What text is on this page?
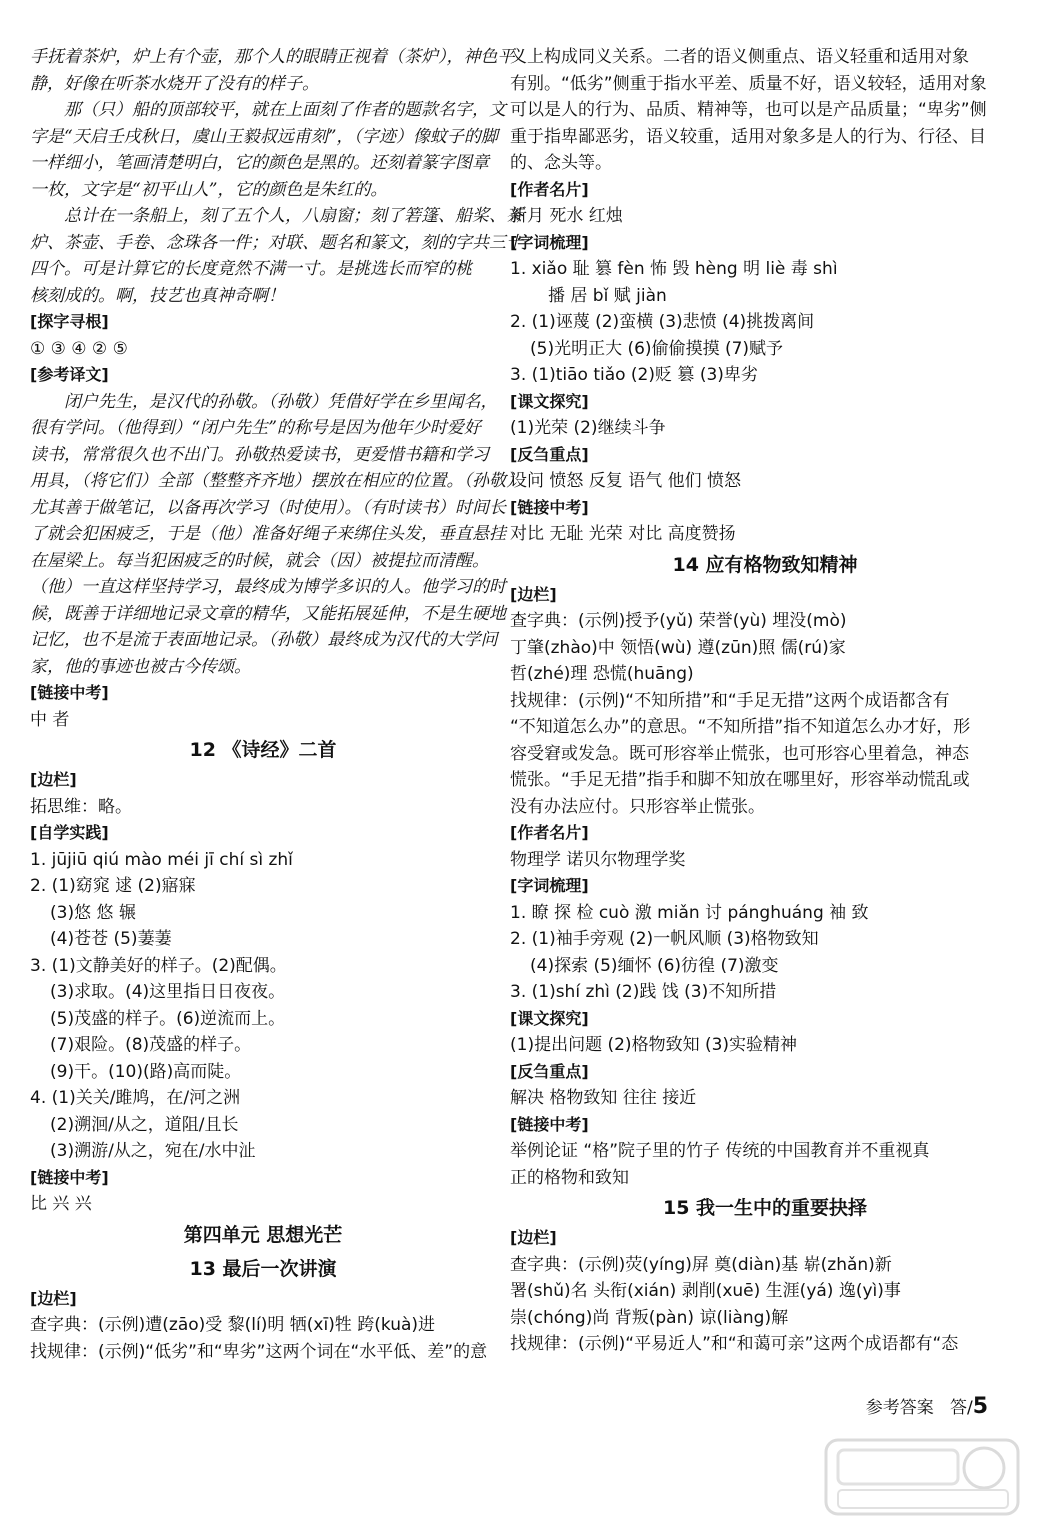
手抚着茶炉，炉上有个壶，那个人的眼睛正视着（茶炉），神色平
静，好像在听茶水烧开了没有的样子。
那（只）船的顶部较平，就在上面刻了作者的题款名字，文
字是“天启壬戌秋日，虞山王毅叔远甫刻”，（字迹）像蚊子的脚
一样细小，笔画清楚明白，它的颜色是黑的。还刻着篆字图章
一枚，文字是“初平山人”，它的颜色是朱红的。
总计在一条船上，刻了五个人，八扇窗；刻了箬篷、船桨、茶
炉、茶壶、手卷、念珠各一件；对联、题名和篆文，刻的字共三十
四个。可是计算它的长度竟然不满一寸。是挑选长而窄的桃
核刻成的。啊，技艺也真神奇啊！
[探字寻根]
① ③ ④ ② ⑤
[参考译文]
闭户先生，是汉代的孙敬。（孙敬）凭借好学在乡里闻名，
很有学问。（他得到）“闭户先生”的称号是因为他年少时爱好
读书，常常很久也不出门。孙敬热爱读书，更爱惜书籍和学习
用具，（将它们）全部（整整齐齐地）摆放在相应的位置。（孙敬）
尤其善于做笔记，以备再次学习（时使用）。（有时读书）时间长
了就会犯困疲乏，于是（他）准备好绳子来绑住头发，垂直悬挂
在屋梁上。每当犯困疲乏的时候，就会（因）被提拉而清醒。
（他）一直这样坚持学习，最终成为博学多识的人。他学习的时
候，既善于详细地记录文章的精华，又能拓展延伸，不是生硬地
记忆，也不是流于表面地记录。（孙敬）最终成为汉代的大学问
家，他的事迹也被古今传颂。
[链接中考]
中 者
12 《诗经》二首
[边栏]
拓思维：略。
[自学实践]
1. jūjiū qiú mào méi jī chí sì zhǐ
2. (1)窈窕 逑 (2)寤寐
(3)悠 悠 辗
(4)苍苍 (5)萋萋
3. (1)文静美好的样子。(2)配偶。
(3)求取。(4)这里指日日夜夜。
(5)茂盛的样子。(6)逆流而上。
(7)艰险。(8)茂盛的样子。
(9)干。(10)(路)高而陡。
4. (1)关关/雎鸠，在/河之洲
(2)溯洄/从之，道阻/且长
(3)溯游/从之，宛在/水中沚
[链接中考]
比 兴 兴
第四单元 思想光芒
13 最后一次讲演
[边栏]
查字典：(示例)遭(zāo)受 黎(lí)明 牺(xī)牲 跨(kuà)进
找规律：(示例)“低劣”和“卑劣”这两个词在“水平低、差”的意
义上构成同义关系。二者的语义侧重点、语义轻重和适用对象
有别。“低劣”侧重于指水平差、质量不好，语义较轻，适用对象
可以是人的行为、品质、精神等，也可以是产品质量；“卑劣”侧
重于指卑鄙恶劣，语义较重，适用对象多是人的行为、行径、目
的、念头等。
[作者名片]
新月 死水 红烛
[字词梳理]
1. xiǎo 耻 篡 fèn 怖 毁 hèng 明 liè 毒 shì
播 居 bǐ 赋 jiàn
2. (1)诬蔑 (2)蛮横 (3)悲愤 (4)挑拨离间
(5)光明正大 (6)偷偷摸摸 (7)赋予
3. (1)tiāo tiǎo (2)贬 篡 (3)卑劣
[课文探究]
(1)光荣 (2)继续斗争
[反刍重点]
设问 愤怒 反复 语气 他们 愤怒
[链接中考]
对比 无耻 光荣 对比 高度赞扬
14 应有格物致知精神
[边栏]
查字典：(示例)授予(yǔ) 荣誉(yù) 埋没(mò)
丁肇(zhào)中 领悟(wù) 遵(zūn)照 儒(rú)家
哲(zhé)理 恐慌(huāng)
找规律：(示例)“不知所措”和“手足无措”这两个成语都含有
“不知道怎么办”的意思。“不知所措”指不知道怎么办才好，形
容受窘或发急。既可形容举止慌张，也可形容心里着急，神态
慌张。“手足无措”指手和脚不知放在哪里好，形容举动慌乱或
没有办法应付。只形容举止慌张。
[作者名片]
物理学 诺贝尔物理学奖
[字词梳理]
1. 瞭 探 检 cuò 激 miǎn 讨 pánghuáng 袖 致
2. (1)袖手旁观 (2)一帆风顺 (3)格物致知
(4)探索 (5)缅怀 (6)彷徨 (7)激变
3. (1)shí zhì (2)践 饯 (3)不知所措
[课文探究]
(1)提出问题 (2)格物致知 (3)实验精神
[反刍重点]
解决 格物致知 往往 接近
[链接中考]
举例论证 “格”院子里的竹子 传统的中国教育并不重视真
正的格物和致知
15 我一生中的重要抉择
[边栏]
查字典：(示例)荧(yíng)屏 奠(diàn)基 崭(zhǎn)新
署(shǔ)名 头衔(xián) 剥削(xuē) 生涯(yá) 逸(yì)事
崇(chóng)尚 背叛(pàn) 谅(liàng)解
找规律：(示例)“平易近人”和“和蔼可亲”这两个成语都有“态
参考答案 答/5
